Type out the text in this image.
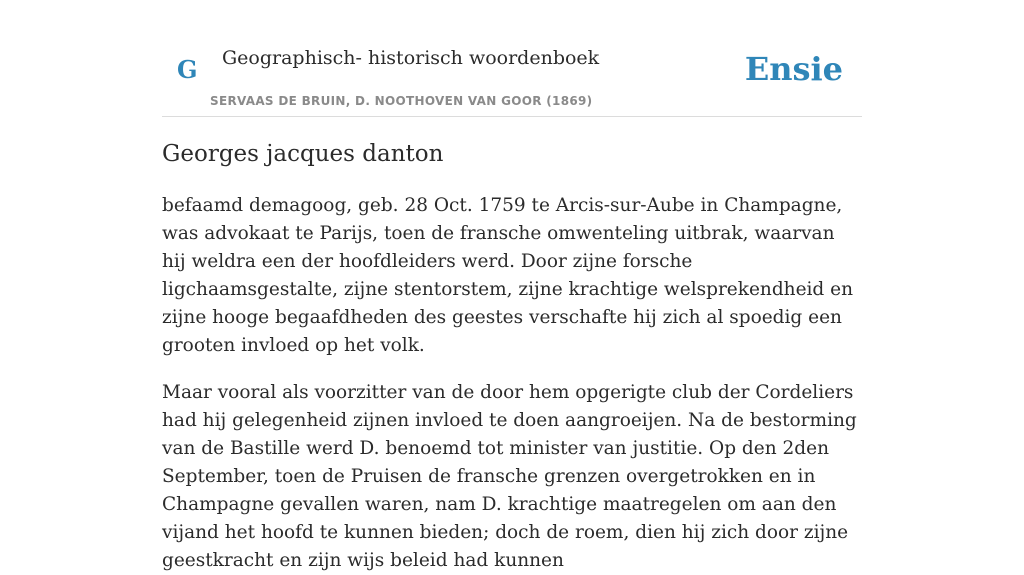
G Geographisch- historisch woordenboek
SERVAAS DE BRUIN, D. NOOTHOVEN VAN GOOR (1869)
Ensie
Georges jacques danton

befaamd demagoog, geb. 28 Oct. 1759 te Arcis-sur-Aube in Champagne, was advokaat te Parijs, toen de fransche omwenteling uitbrak, waarvan hij weldra een der hoofdleiders werd. Door zijne forsche ligchaamsgestalte, zijne stentorstem, zijne krachtige welsprekendheid en zijne hooge begaafdheden des geestes verschafte hij zich al spoedig een grooten invloed op het volk.

Maar vooral als voorzitter van de door hem opgerigte club der Cordeliers had hij gelegenheid zijnen invloed te doen aangroeijen. Na de bestorming van de Bastille werd D. benoemd tot minister van justitie. Op den 2den September, toen de Pruisen de fransche grenzen overgetrokken en in Champagne gevallen waren, nam D. krachtige maatregelen om aan den vijand het hoofd te kunnen bieden; doch de roem, dien hij zich door zijne geestkracht en zijn wijs beleid had kunnen
